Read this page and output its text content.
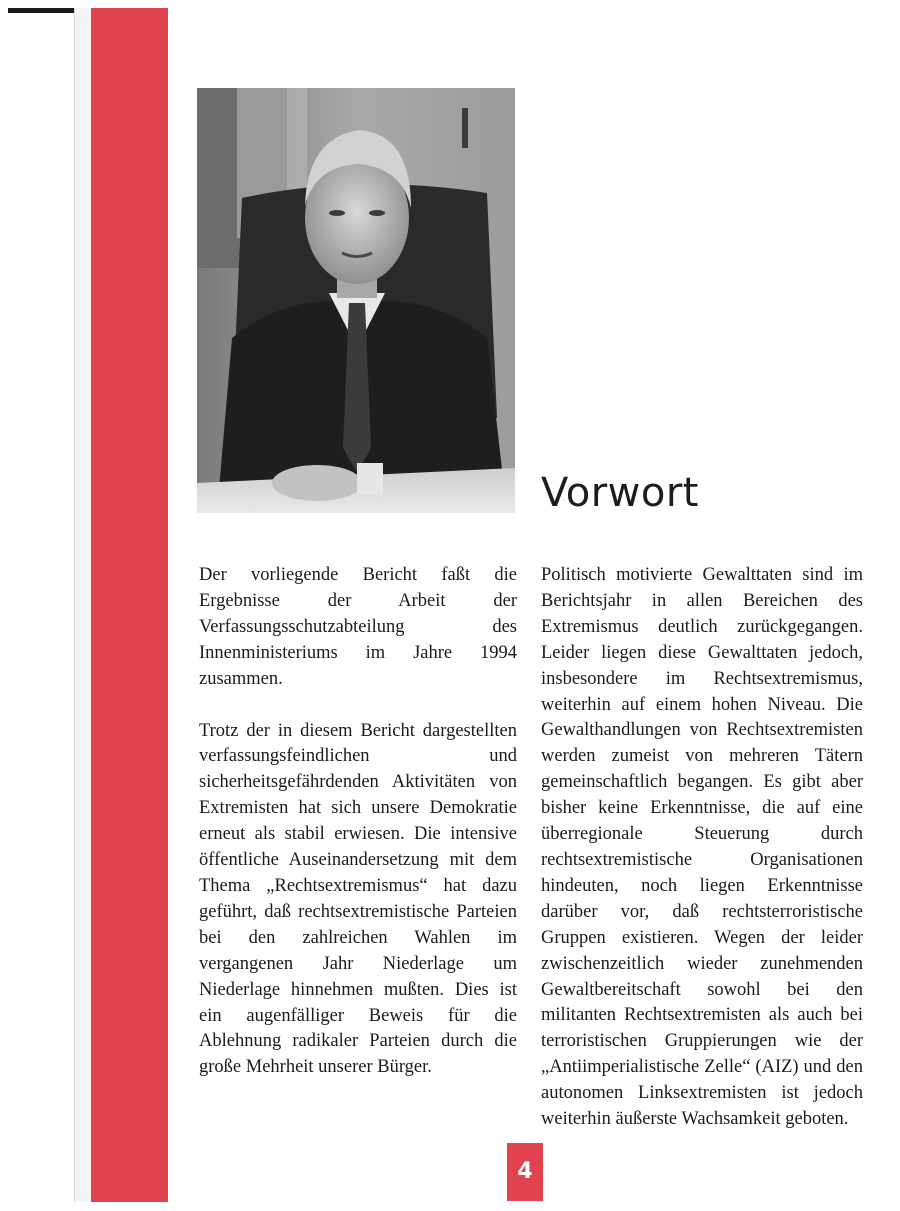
Vorwort

Der vorliegende Bericht faßt die Ergebnisse der Arbeit der Verfassungsschutzabteilung des Innenministeriums im Jahre 1994 zusammen.

Trotz der in diesem Bericht dargestellten verfassungsfeindlichen und sicherheitsgefährdenden Aktivitäten von Extremisten hat sich unsere Demokratie erneut als stabil erwiesen. Die intensive öffentliche Auseinandersetzung mit dem Thema „Rechtsextremismus“ hat dazu geführt, daß rechtsextremistische Parteien bei den zahlreichen Wahlen im vergangenen Jahr Niederlage um Niederlage hinnehmen mußten. Dies ist ein augenfälliger Beweis für die Ablehnung radikaler Parteien durch die große Mehrheit unserer Bürger.

Politisch motivierte Gewalttaten sind im Berichtsjahr in allen Bereichen des Extremismus deutlich zurückgegangen. Leider liegen diese Gewalttaten jedoch, insbesondere im Rechtsextremismus, weiterhin auf einem hohen Niveau. Die Gewalthandlungen von Rechtsextremisten werden zumeist von mehreren Tätern gemeinschaftlich begangen. Es gibt aber bisher keine Erkenntnisse, die auf eine überregionale Steuerung durch rechtsextremistische Organisationen hindeuten, noch liegen Erkenntnisse darüber vor, daß rechtsterroristische Gruppen existieren. Wegen der leider zwischenzeitlich wieder zunehmenden Gewaltbereitschaft sowohl bei den militanten Rechtsextremisten als auch bei terroristischen Gruppierungen wie der „Antiimperialistische Zelle“ (AIZ) und den autonomen Linksextremisten ist jedoch weiterhin äußerste Wachsamkeit geboten.

4
